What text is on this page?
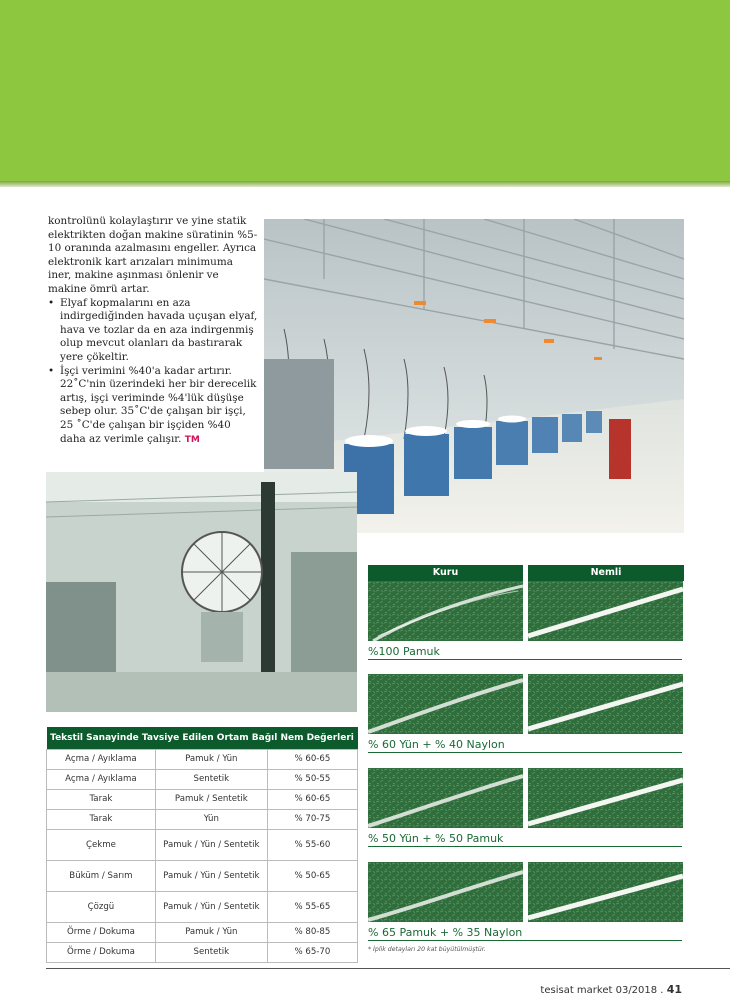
kontrolünü kolaylaştırır ve yine statik elektrikten doğan makine süratinin %5-10 oranında azalmasını engeller. Ayrıca elektronik kart arızaları minimuma iner, makine aşınması önlenir ve makine ömrü artar.

• Elyaf kopmalarını en aza indirgediğinden havada uçuşan elyaf, hava ve tozlar da en aza indirgenmiş olup mevcut olanları da bastırarak yere çökeltir.
• İşçi verimini %40'a kadar artırır. 22˚C'nin üzerindeki her bir derecelik artış, işçi veriminde %4'lük düşüşe sebep olur. 35˚C'de çalışan bir işçi, 25 ˚C'de çalışan bir işçiden %40 daha az verimle çalışır. TM
Tekstil Sanayinde Tavsiye Edilen Ortam Bağıl Nem Değerleri		
Açma / Ayıklama	Pamuk / Yün	% 60-65
Açma / Ayıklama	Sentetik	% 50-55
Tarak	Pamuk / Sentetik	% 60-65
Tarak	Yün	% 70-75
Çekme	Pamuk / Yün / Sentetik	% 55-60
Büküm / Sarım	Pamuk / Yün / Sentetik	% 50-65
Çözgü	Pamuk / Yün / Sentetik	% 55-65
Örme / Dokuma	Pamuk / Yün	% 80-85
Örme / Dokuma	Sentetik	% 65-70
Kuru	Nemli
%100 Pamuk
% 60 Yün + % 40 Naylon
% 50 Yün + % 50 Pamuk
% 65 Pamuk + % 35 Naylon
* İplik detayları 20 kat büyütülmüştür.
tesisat market 03/2018 . 41
